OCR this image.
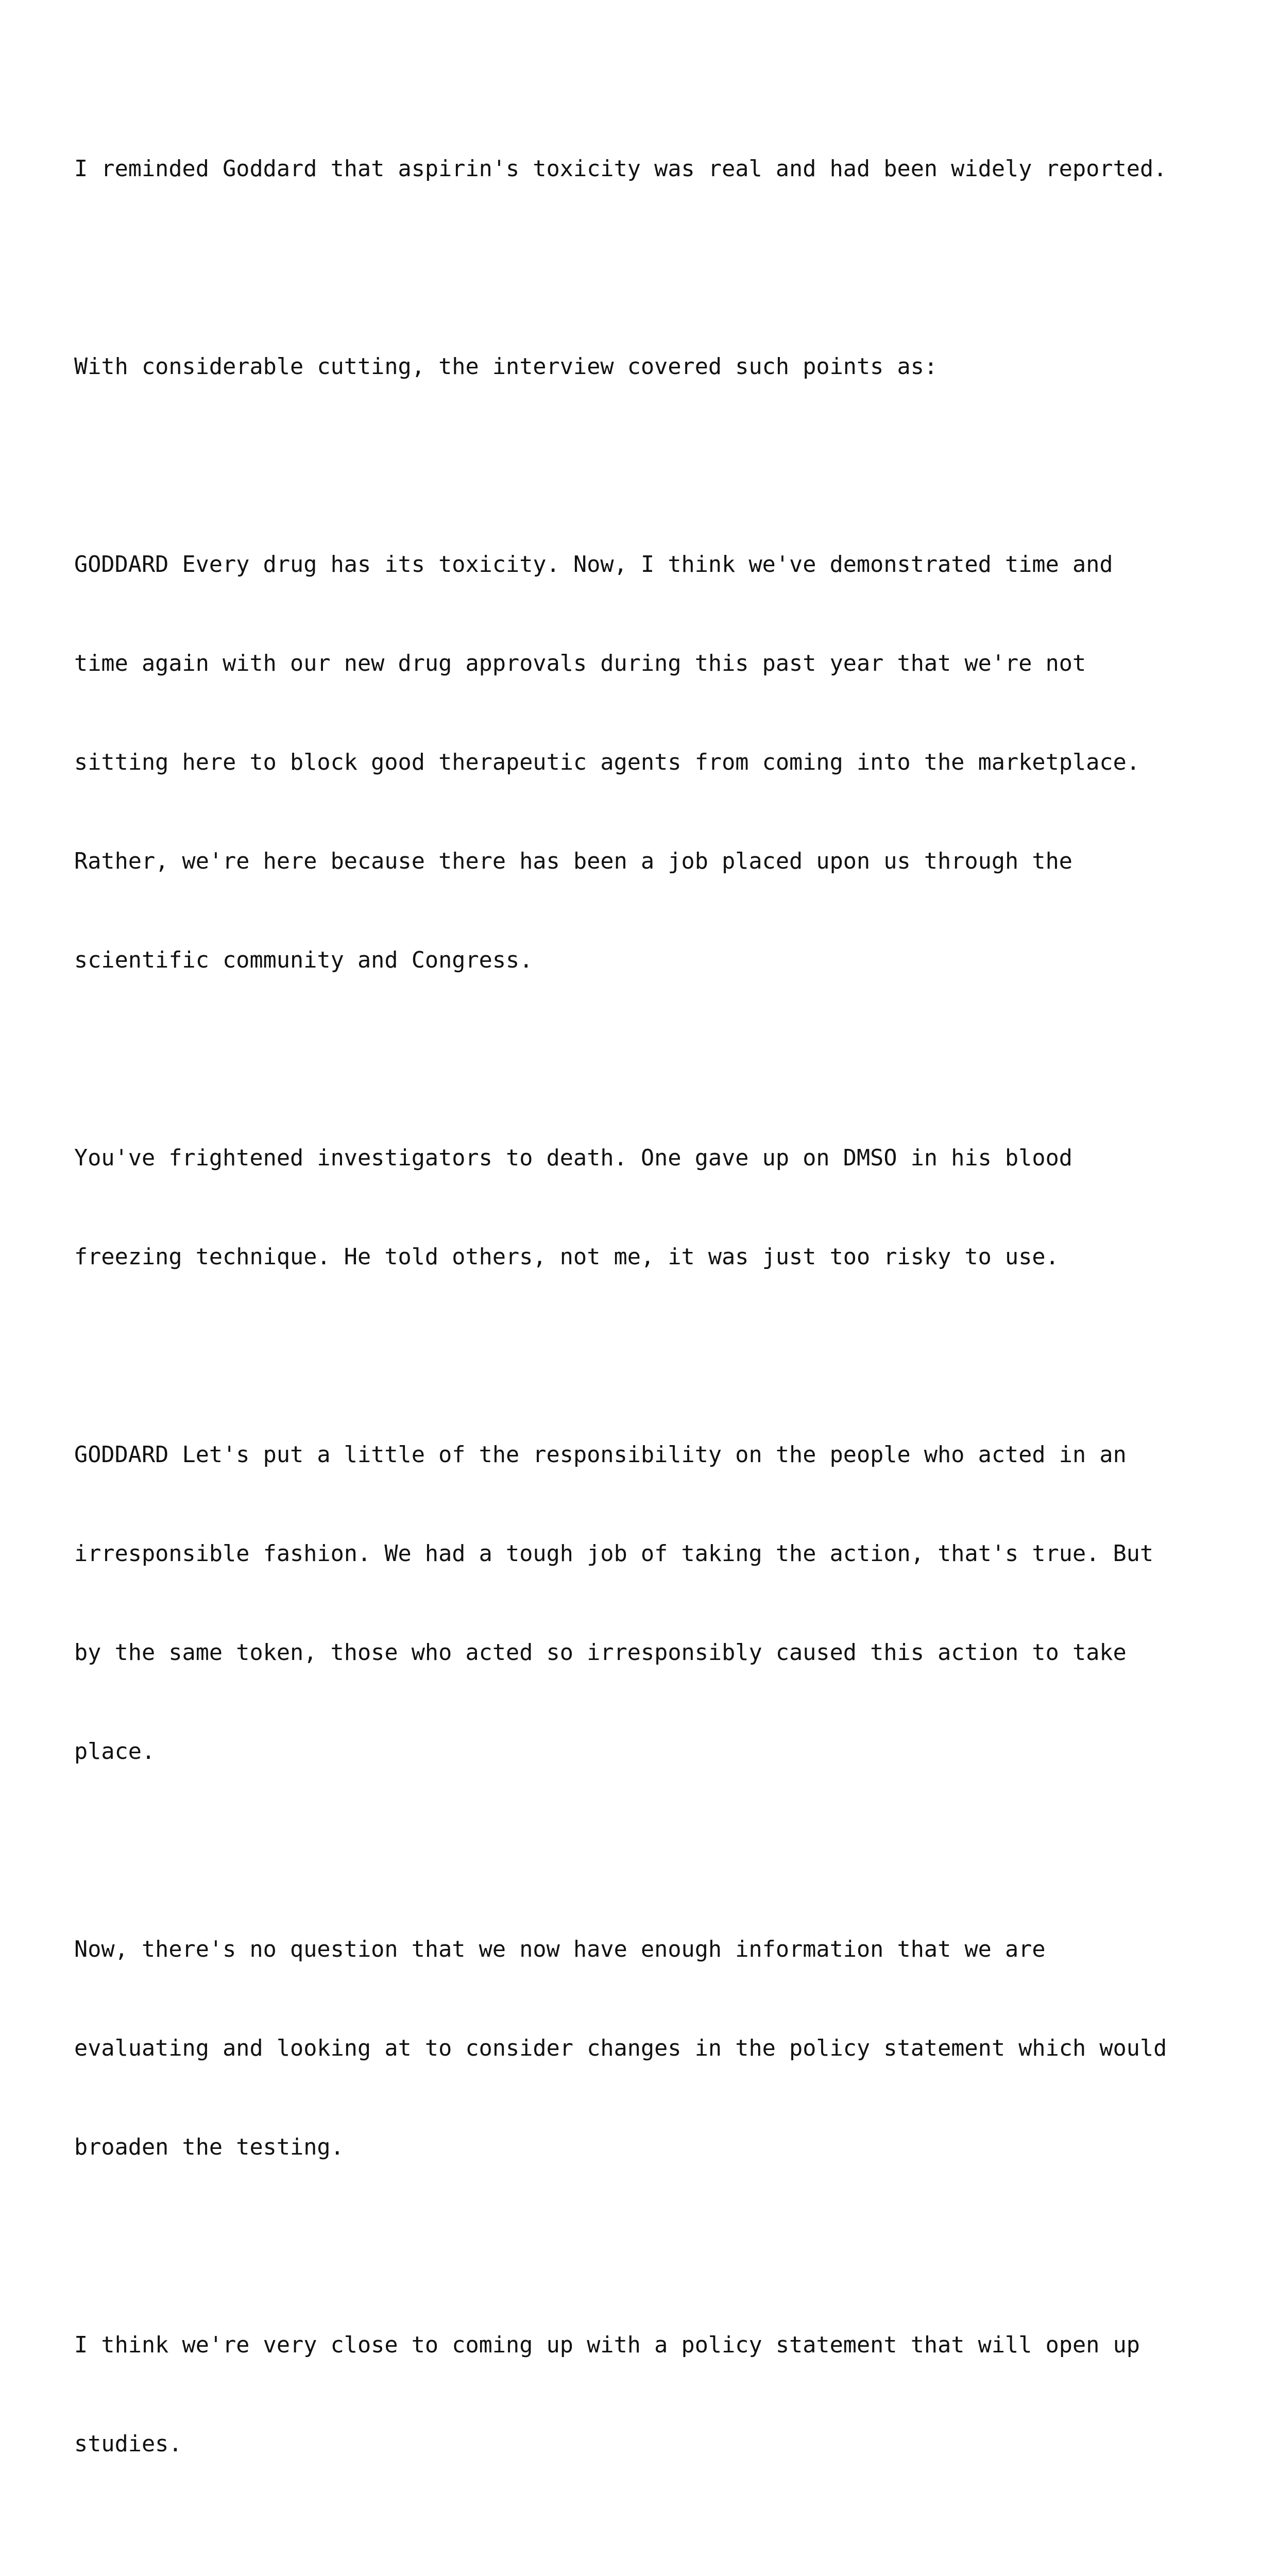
I reminded Goddard that aspirin's toxicity was real and had been widely reported.

With considerable cutting, the interview covered such points as:

GODDARD Every drug has its toxicity. Now, I think we've demonstrated time and

time again with our new drug approvals during this past year that we're not

sitting here to block good therapeutic agents from coming into the marketplace.

Rather, we're here because there has been a job placed upon us through the

scientific community and Congress.

You've frightened investigators to death. One gave up on DMSO in his blood

freezing technique. He told others, not me, it was just too risky to use.

GODDARD Let's put a little of the responsibility on the people who acted in an

irresponsible fashion. We had a tough job of taking the action, that's true. But

by the same token, those who acted so irresponsibly caused this action to take

place.

Now, there's no question that we now have enough information that we are

evaluating and looking at to consider changes in the policy statement which would

broaden the testing.

I think we're very close to coming up with a policy statement that will open up

studies.
